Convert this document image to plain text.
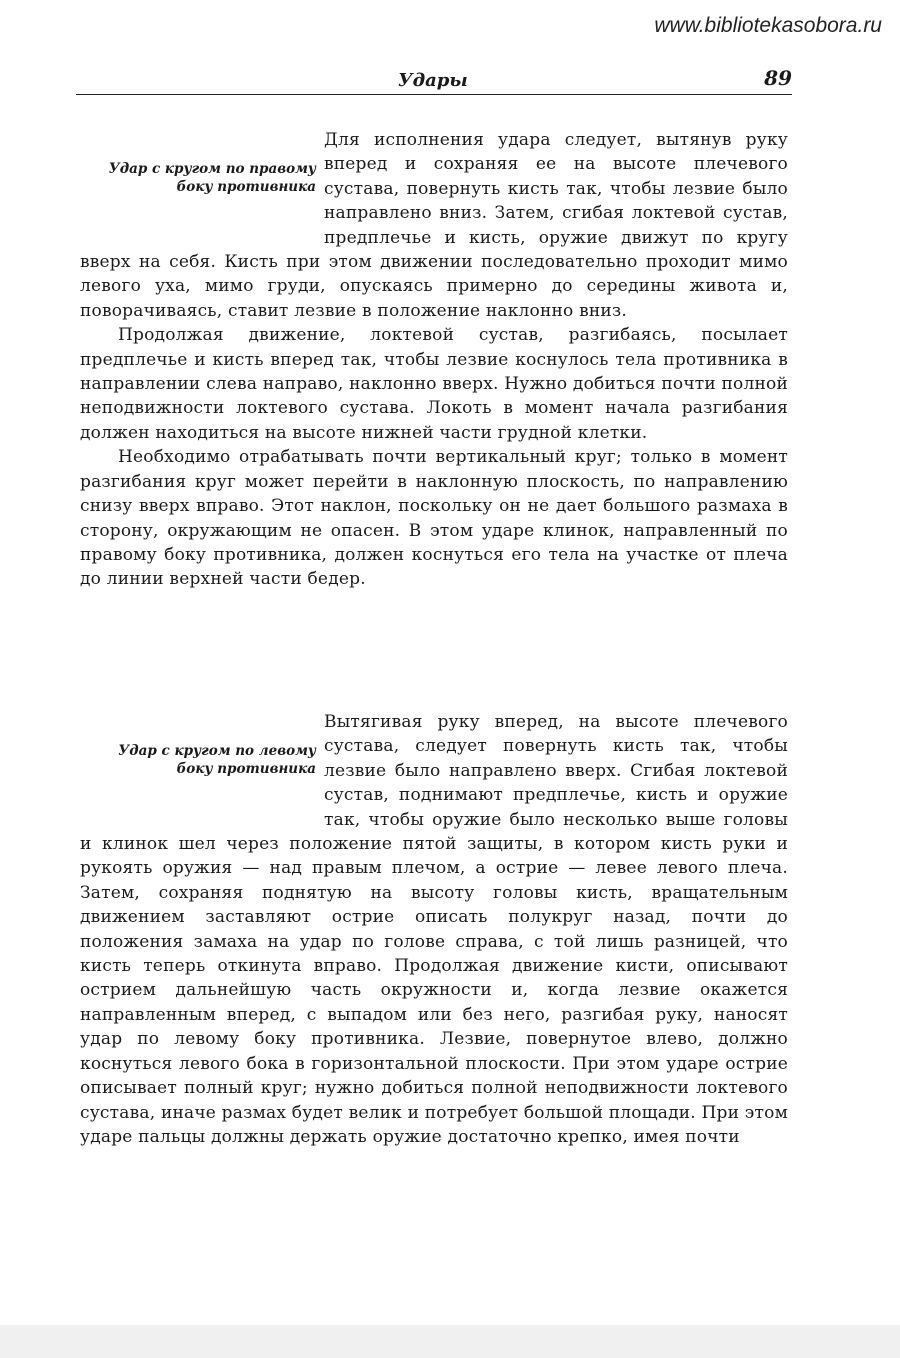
www.bibliotekasobora.ru
Удары	89
Удар с кругом по правому боку противника

Для исполнения удара следует, вытянув руку вперед и сохраняя ее на высоте плечевого сустава, повернуть кисть так, чтобы лезвие было направлено вниз. Затем, сгибая локтевой сустав, предплечье и кисть, оружие движут по кругу вверх на себя. Кисть при этом движении последовательно проходит мимо левого уха, мимо груди, опускаясь примерно до середины живота и, поворачиваясь, ставит лезвие в положение наклонно вниз.

Продолжая движение, локтевой сустав, разгибаясь, посылает предплечье и кисть вперед так, чтобы лезвие коснулось тела противника в направлении слева направо, наклонно вверх. Нужно добиться почти полной неподвижности локтевого сустава. Локоть в момент начала разгибания должен находиться на высоте нижней части грудной клетки.

Необходимо отрабатывать почти вертикальный круг; только в момент разгибания круг может перейти в наклонную плоскость, по направлению снизу вверх вправо. Этот наклон, поскольку он не дает большого размаха в сторону, окружающим не опасен. В этом ударе клинок, направленный по правому боку противника, должен коснуться его тела на участке от плеча до линии верхней части бедер.

Удар с кругом по левому боку противника

Вытягивая руку вперед, на высоте плечевого сустава, следует повернуть кисть так, чтобы лезвие было направлено вверх. Сгибая локтевой сустав, поднимают предплечье, кисть и оружие так, чтобы оружие было несколько выше головы и клинок шел через положение пятой защиты, в котором кисть руки и рукоять оружия — над правым плечом, а острие — левее левого плеча. Затем, сохраняя поднятую на высоту головы кисть, вращательным движением заставляют острие описать полукруг назад, почти до положения замаха на удар по голове справа, с той лишь разницей, что кисть теперь откинута вправо. Продолжая движение кисти, описывают острием дальнейшую часть окружности и, когда лезвие окажется направленным вперед, с выпадом или без него, разгибая руку, наносят удар по левому боку противника. Лезвие, повернутое влево, должно коснуться левого бока в горизонтальной плоскости. При этом ударе острие описывает полный круг; нужно добиться полной неподвижности локтевого сустава, иначе размах будет велик и потребует большой площади. При этом ударе пальцы должны держать оружие достаточно крепко, имея почти
